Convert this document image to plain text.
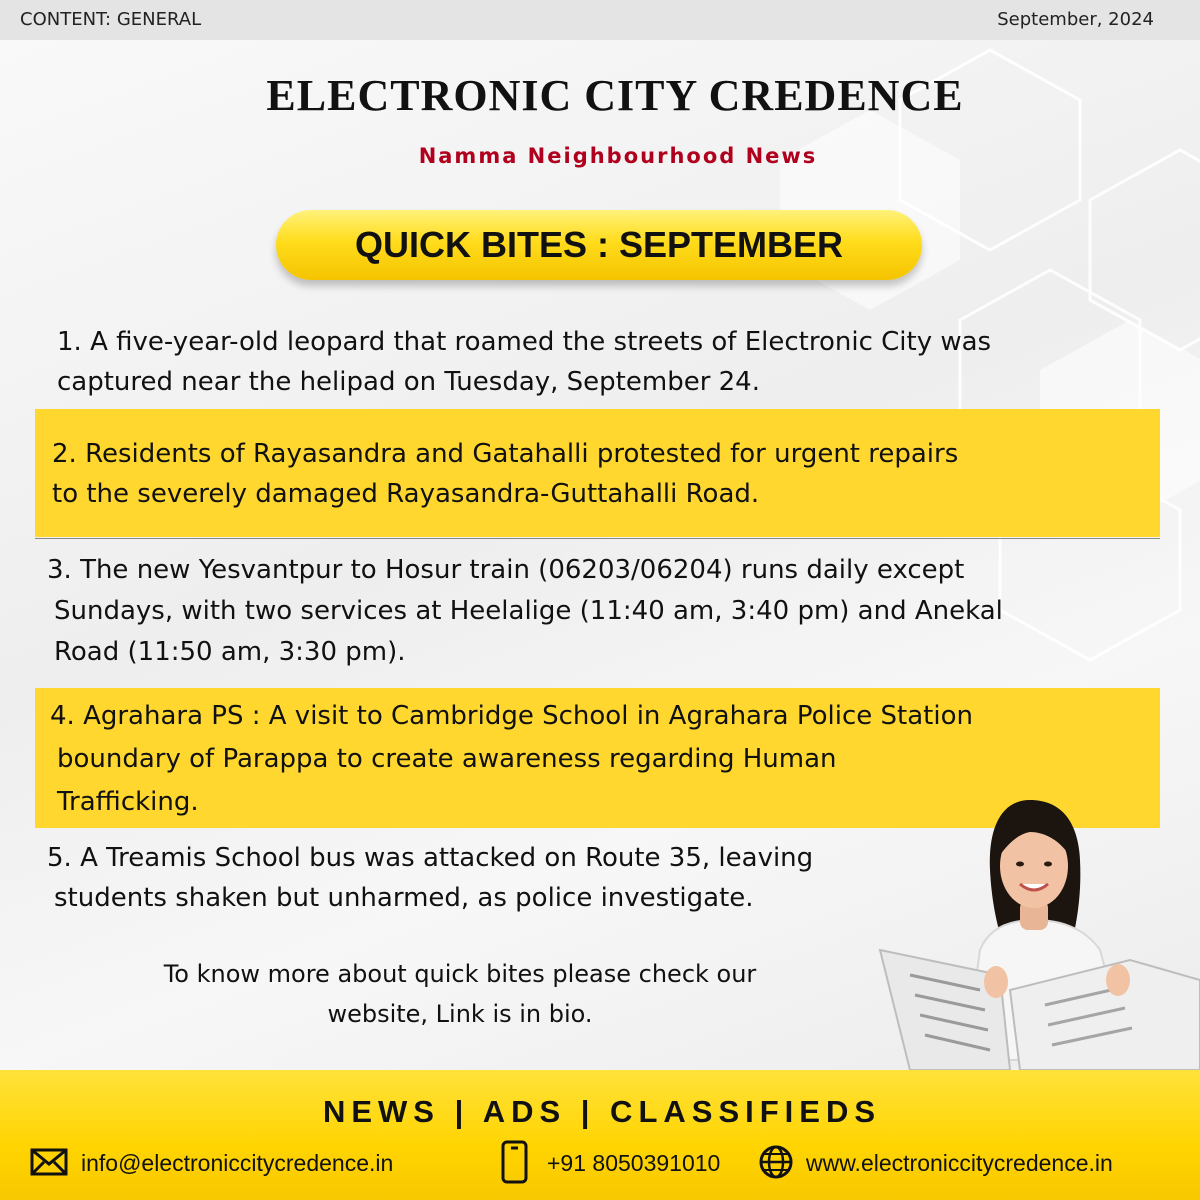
CONTENT: GENERAL	September, 2024
ELECTRONIC CITY CREDENCE
Namma Neighbourhood News
QUICK BITES : SEPTEMBER
1. A five-year-old leopard that roamed the streets of Electronic City was
captured near the helipad on Tuesday, September 24.
2. Residents of Rayasandra and Gatahalli protested for urgent repairs
to the severely damaged Rayasandra-Guttahalli Road.
3. The new Yesvantpur to Hosur train (06203/06204) runs daily except
Sundays, with two services at Heelalige (11:40 am, 3:40 pm) and Anekal
Road (11:50 am, 3:30 pm).
4. Agrahara PS : A visit to Cambridge School in Agrahara Police Station
boundary of Parappa to create awareness regarding Human
Trafficking.
5. A Treamis School bus was attacked on Route 35, leaving
students shaken but unharmed, as police investigate.
To know more about quick bites please check our
website, Link is in bio.
NEWS | ADS | CLASSIFIEDS
info@electroniccitycredence.in	+91 8050391010	www.electroniccitycredence.in
